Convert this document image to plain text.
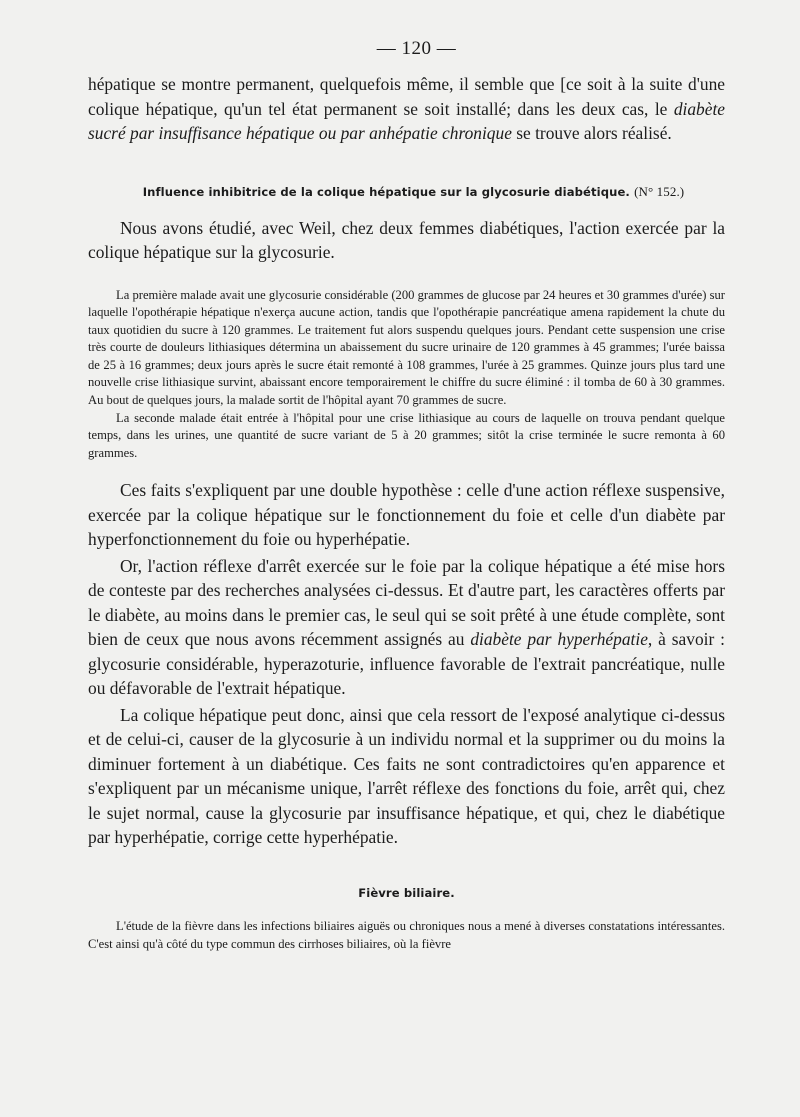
— 120 —

hépatique se montre permanent, quelquefois même, il semble que [ce soit à la suite d'une colique hépatique, qu'un tel état permanent se soit installé; dans les deux cas, le diabète sucré par insuffisance hépatique ou par anhépatie chronique se trouve alors réalisé.

Influence inhibitrice de la colique hépatique sur la glycosurie diabétique. (N° 152.)

Nous avons étudié, avec Weil, chez deux femmes diabétiques, l'action exercée par la colique hépatique sur la glycosurie.

La première malade avait une glycosurie considérable (200 grammes de glucose par 24 heures et 30 grammes d'urée) sur laquelle l'opothérapie hépatique n'exerça aucune action, tandis que l'opothérapie pancréatique amena rapidement la chute du taux quotidien du sucre à 120 grammes. Le traitement fut alors suspendu quelques jours. Pendant cette suspension une crise très courte de douleurs lithiasiques détermina un abaissement du sucre urinaire de 120 grammes à 45 grammes; l'urée baissa de 25 à 16 grammes; deux jours après le sucre était remonté à 108 grammes, l'urée à 25 grammes. Quinze jours plus tard une nouvelle crise lithiasique survint, abaissant encore temporairement le chiffre du sucre éliminé : il tomba de 60 à 30 grammes. Au bout de quelques jours, la malade sortit de l'hôpital ayant 70 grammes de sucre.

La seconde malade était entrée à l'hôpital pour une crise lithiasique au cours de laquelle on trouva pendant quelque temps, dans les urines, une quantité de sucre variant de 5 à 20 grammes; sitôt la crise terminée le sucre remonta à 60 grammes.

Ces faits s'expliquent par une double hypothèse : celle d'une action réflexe suspensive, exercée par la colique hépatique sur le fonctionnement du foie et celle d'un diabète par hyperfonctionnement du foie ou hyperhépatie.

Or, l'action réflexe d'arrêt exercée sur le foie par la colique hépatique a été mise hors de conteste par des recherches analysées ci-dessus. Et d'autre part, les caractères offerts par le diabète, au moins dans le premier cas, le seul qui se soit prêté à une étude complète, sont bien de ceux que nous avons récemment assignés au diabète par hyperhépatie, à savoir : glycosurie considérable, hyperazoturie, influence favorable de l'extrait pancréatique, nulle ou défavorable de l'extrait hépatique.

La colique hépatique peut donc, ainsi que cela ressort de l'exposé analytique ci-dessus et de celui-ci, causer de la glycosurie à un individu normal et la supprimer ou du moins la diminuer fortement à un diabétique. Ces faits ne sont contradictoires qu'en apparence et s'expliquent par un mécanisme unique, l'arrêt réflexe des fonctions du foie, arrêt qui, chez le sujet normal, cause la glycosurie par insuffisance hépatique, et qui, chez le diabétique par hyperhépatie, corrige cette hyperhépatie.

Fièvre biliaire.

L'étude de la fièvre dans les infections biliaires aiguës ou chroniques nous a mené à diverses constatations intéressantes. C'est ainsi qu'à côté du type commun des cirrhoses biliaires, où la fièvre
